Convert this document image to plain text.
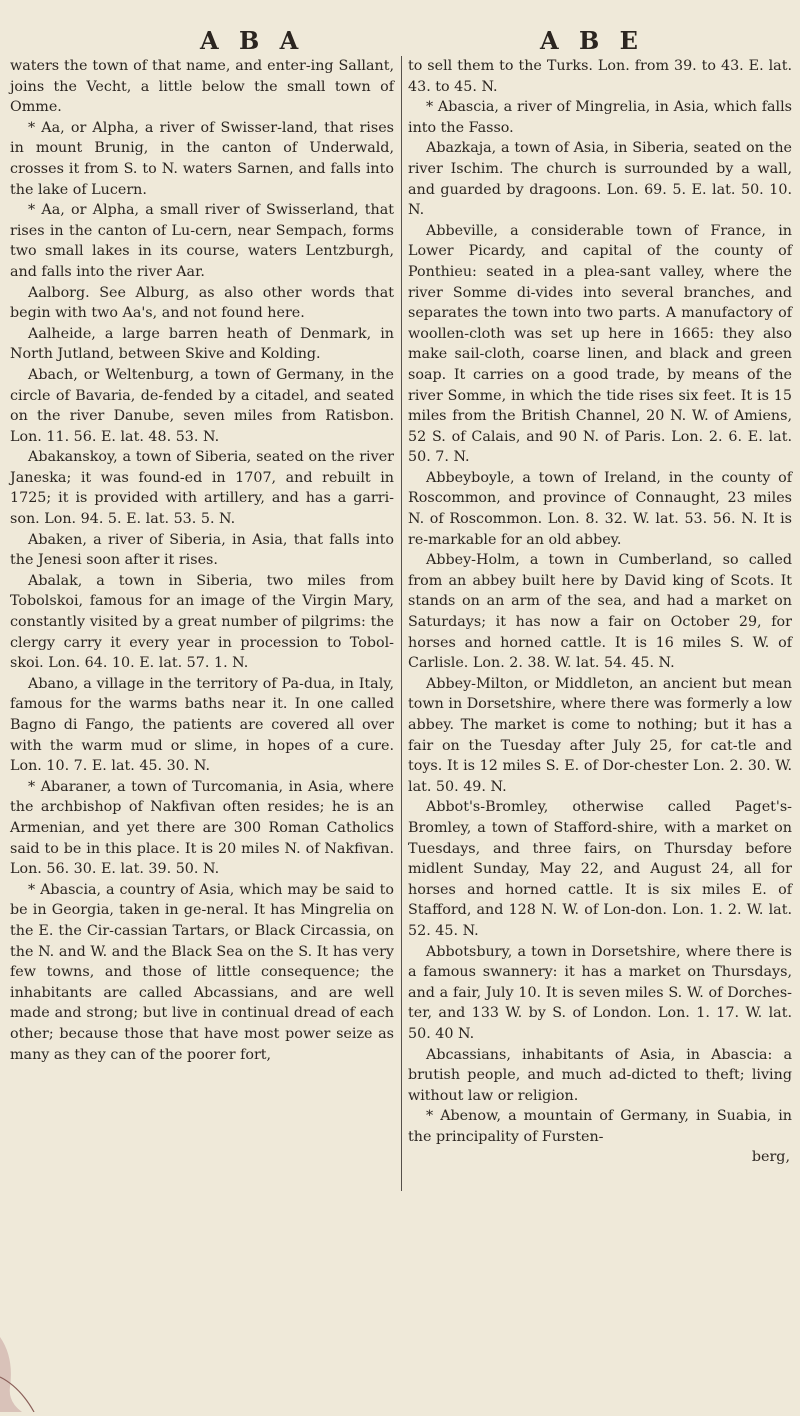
A B A	A B E

waters the town of that name, and enter-ing Sallant, joins the Vecht, a little below the small town of Omme.

* Aa, or Alpha, a river of Swisser-land, that rises in mount Brunig, in the canton of Underwald, crosses it from S. to N. waters Sarnen, and falls into the lake of Lucern.

* Aa, or Alpha, a small river of Swisserland, that rises in the canton of Lu-cern, near Sempach, forms two small lakes in its course, waters Lentzburgh, and falls into the river Aar.

Aalborg. See Alburg, as also other words that begin with two Aa's, and not found here.

Aalheide, a large barren heath of Denmark, in North Jutland, between Skive and Kolding.

Abach, or Weltenburg, a town of Germany, in the circle of Bavaria, de-fended by a citadel, and seated on the river Danube, seven miles from Ratisbon. Lon. 11. 56. E. lat. 48. 53. N.

Abakanskoy, a town of Siberia, seated on the river Janeska; it was found-ed in 1707, and rebuilt in 1725; it is provided with artillery, and has a garri-son. Lon. 94. 5. E. lat. 53. 5. N.

Abaken, a river of Siberia, in Asia, that falls into the Jenesi soon after it rises.

Abalak, a town in Siberia, two miles from Tobolskoi, famous for an image of the Virgin Mary, constantly visited by a great number of pilgrims: the clergy carry it every year in procession to Tobol-skoi. Lon. 64. 10. E. lat. 57. 1. N.

Abano, a village in the territory of Pa-dua, in Italy, famous for the warms baths near it. In one called Bagno di Fango, the patients are covered all over with the warm mud or slime, in hopes of a cure. Lon. 10. 7. E. lat. 45. 30. N.

* Abaraner, a town of Turcomania, in Asia, where the archbishop of Nakfivan often resides; he is an Armenian, and yet there are 300 Roman Catholics said to be in this place. It is 20 miles N. of Nakfivan. Lon. 56. 30. E. lat. 39. 50. N.

* Abascia, a country of Asia, which may be said to be in Georgia, taken in ge-neral. It has Mingrelia on the E. the Cir-cassian Tartars, or Black Circassia, on the N. and W. and the Black Sea on the S. It has very few towns, and those of little consequence; the inhabitants are called Abcassians, and are well made and strong; but live in continual dread of each other; because those that have most power seize as many as they can of the poorer fort,

to sell them to the Turks. Lon. from 39. to 43. E. lat. 43. to 45. N.

* Abascia, a river of Mingrelia, in Asia, which falls into the Fasso.

Abazkaja, a town of Asia, in Siberia, seated on the river Ischim. The church is surrounded by a wall, and guarded by dragoons. Lon. 69. 5. E. lat. 50. 10. N.

Abbeville, a considerable town of France, in Lower Picardy, and capital of the county of Ponthieu: seated in a plea-sant valley, where the river Somme di-vides into several branches, and separates the town into two parts. A manufactory of woollen-cloth was set up here in 1665: they also make sail-cloth, coarse linen, and black and green soap. It carries on a good trade, by means of the river Somme, in which the tide rises six feet. It is 15 miles from the British Channel, 20 N. W. of Amiens, 52 S. of Calais, and 90 N. of Paris. Lon. 2. 6. E. lat. 50. 7. N.

Abbeyboyle, a town of Ireland, in the county of Roscommon, and province of Connaught, 23 miles N. of Roscommon. Lon. 8. 32. W. lat. 53. 56. N. It is re-markable for an old abbey.

Abbey-Holm, a town in Cumberland, so called from an abbey built here by David king of Scots. It stands on an arm of the sea, and had a market on Saturdays; it has now a fair on October 29, for horses and horned cattle. It is 16 miles S. W. of Carlisle. Lon. 2. 38. W. lat. 54. 45. N.

Abbey-Milton, or Middleton, an ancient but mean town in Dorsetshire, where there was formerly a low abbey. The market is come to nothing; but it has a fair on the Tuesday after July 25, for cat-tle and toys. It is 12 miles S. E. of Dor-chester Lon. 2. 30. W. lat. 50. 49. N.

Abbot's-Bromley, otherwise called Paget's-Bromley, a town of Stafford-shire, with a market on Tuesdays, and three fairs, on Thursday before midlent Sunday, May 22, and August 24, all for horses and horned cattle. It is six miles E. of Stafford, and 128 N. W. of Lon-don. Lon. 1. 2. W. lat. 52. 45. N.

Abbotsbury, a town in Dorsetshire, where there is a famous swannery: it has a market on Thursdays, and a fair, July 10. It is seven miles S. W. of Dorches-ter, and 133 W. by S. of London. Lon. 1. 17. W. lat. 50. 40 N.

Abcassians, inhabitants of Asia, in Abascia: a brutish people, and much ad-dicted to theft; living without law or religion.

* Abenow, a mountain of Germany, in Suabia, in the principality of Fursten-

berg,
